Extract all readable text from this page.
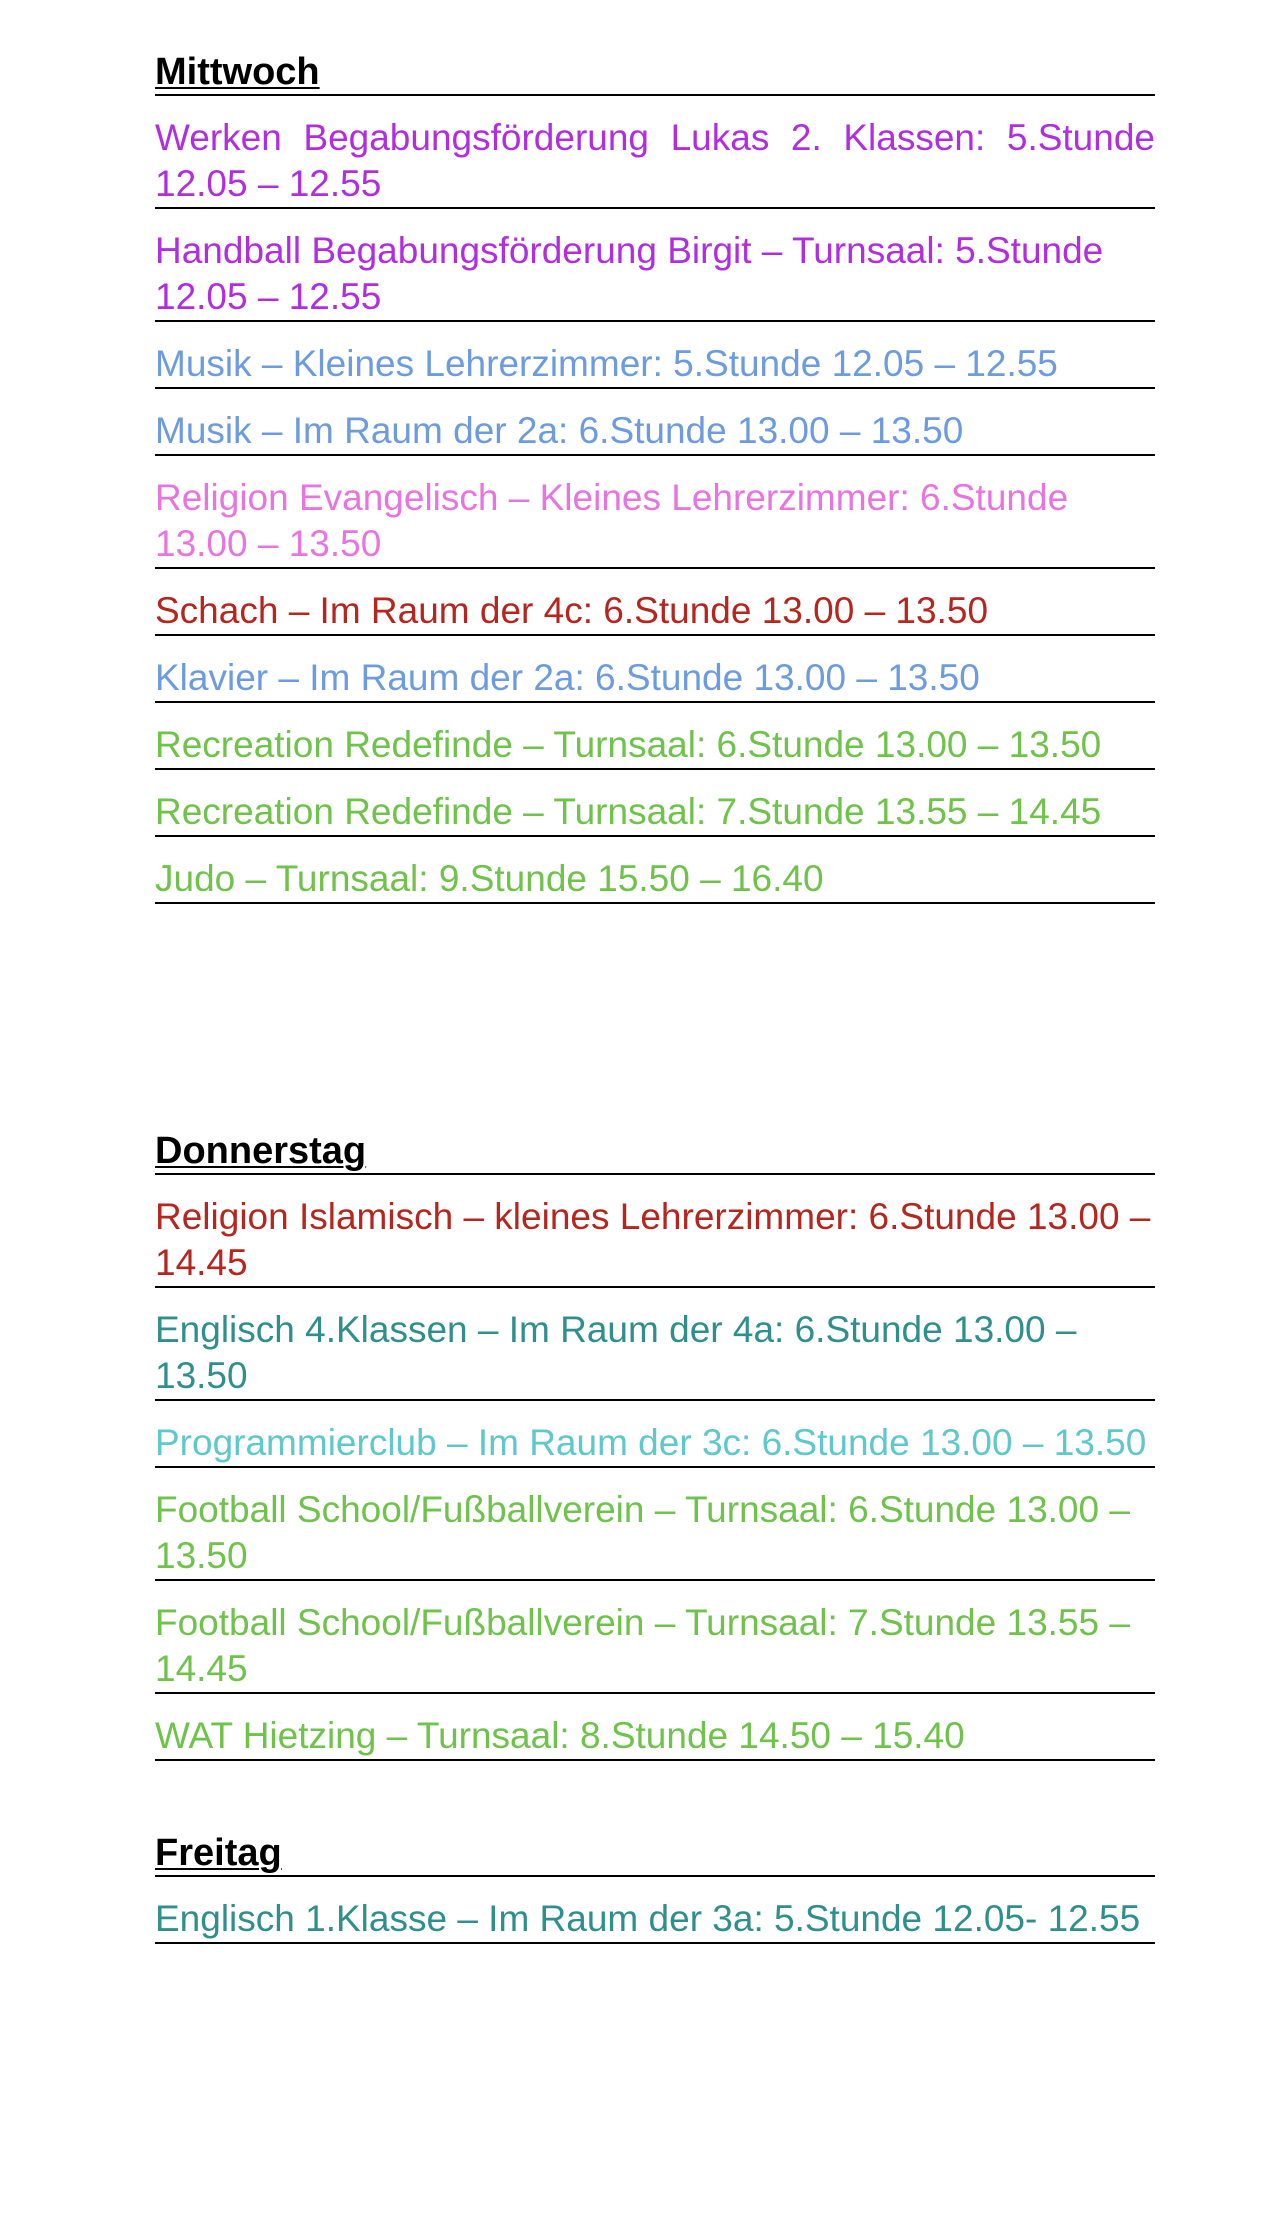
Mittwoch

Werken Begabungsförderung Lukas 2. Klassen: 5.Stunde 12.05 – 12.55

Handball Begabungsförderung Birgit – Turnsaal: 5.Stunde 12.05 – 12.55

Musik – Kleines Lehrerzimmer: 5.Stunde 12.05 – 12.55

Musik – Im Raum der 2a: 6.Stunde 13.00 – 13.50

Religion Evangelisch – Kleines Lehrerzimmer: 6.Stunde 13.00 – 13.50

Schach – Im Raum der 4c: 6.Stunde 13.00 – 13.50

Klavier – Im Raum der 2a: 6.Stunde 13.00 – 13.50

Recreation Redefinde – Turnsaal: 6.Stunde 13.00 – 13.50

Recreation Redefinde – Turnsaal: 7.Stunde 13.55 – 14.45

Judo – Turnsaal: 9.Stunde 15.50 – 16.40

Donnerstag

Religion Islamisch – kleines Lehrerzimmer: 6.Stunde 13.00 – 14.45

Englisch 4.Klassen – Im Raum der 4a: 6.Stunde 13.00 – 13.50

Programmierclub – Im Raum der 3c: 6.Stunde 13.00 – 13.50

Football School/Fußballverein – Turnsaal: 6.Stunde 13.00 – 13.50

Football School/Fußballverein – Turnsaal: 7.Stunde 13.55 – 14.45

WAT Hietzing – Turnsaal: 8.Stunde 14.50 – 15.40

Freitag

Englisch 1.Klasse – Im Raum der 3a: 5.Stunde 12.05- 12.55
